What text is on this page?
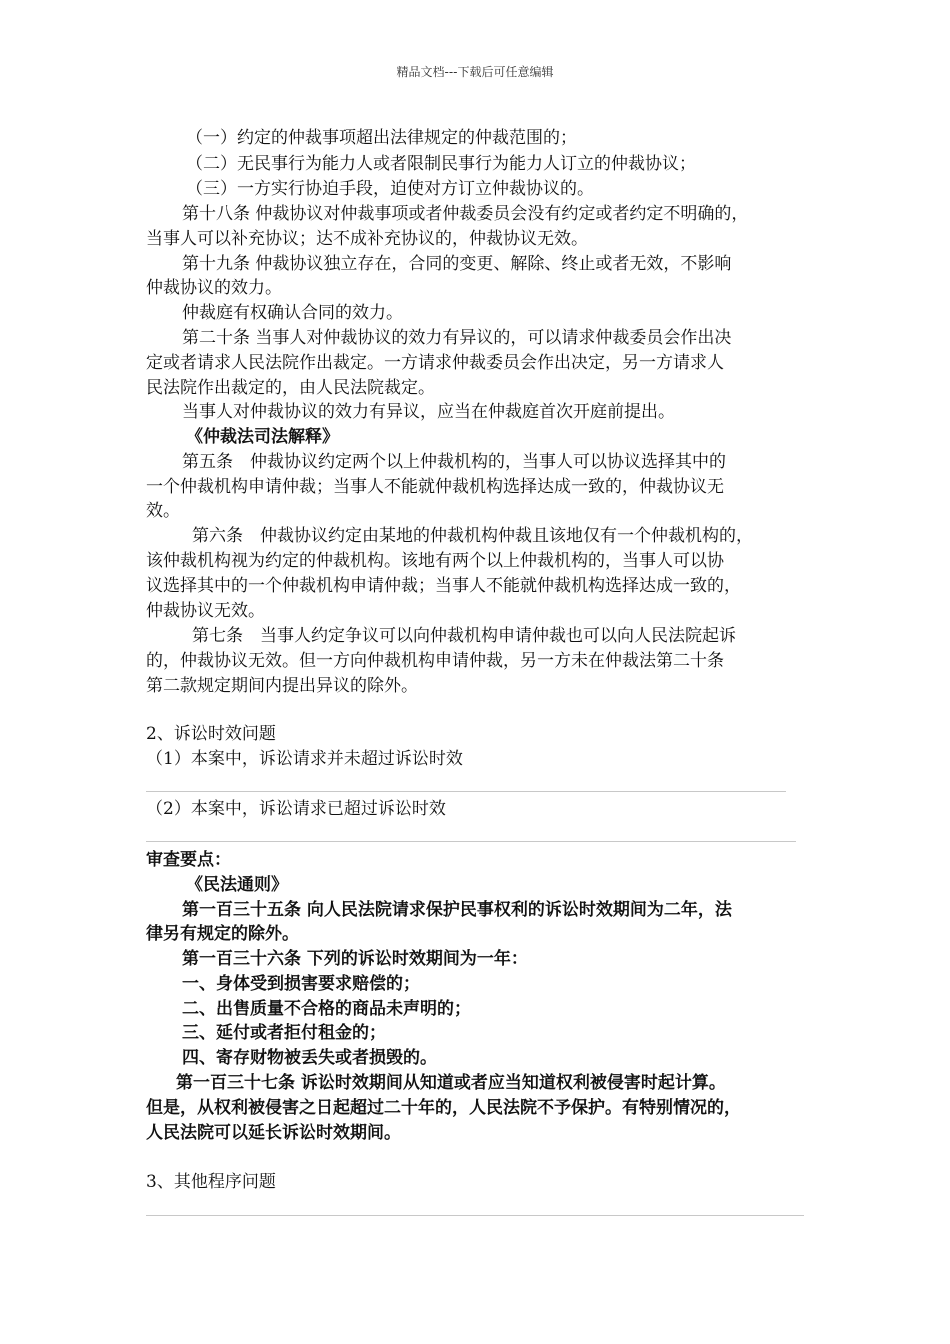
精品文档---下载后可任意编辑
（一）约定的仲裁事项超出法律规定的仲裁范围的；
（二）无民事行为能力人或者限制民事行为能力人订立的仲裁协议；
（三）一方实行协迫手段，迫使对方订立仲裁协议的。
第十八条 仲裁协议对仲裁事项或者仲裁委员会没有约定或者约定不明确的，
当事人可以补充协议；达不成补充协议的，仲裁协议无效。
第十九条 仲裁协议独立存在，合同的变更、解除、终止或者无效，不影响
仲裁协议的效力。
仲裁庭有权确认合同的效力。
第二十条 当事人对仲裁协议的效力有异议的，可以请求仲裁委员会作出决
定或者请求人民法院作出裁定。一方请求仲裁委员会作出决定，另一方请求人
民法院作出裁定的，由人民法院裁定。
当事人对仲裁协议的效力有异议，应当在仲裁庭首次开庭前提出。
《仲裁法司法解释》
第五条　仲裁协议约定两个以上仲裁机构的，当事人可以协议选择其中的
一个仲裁机构申请仲裁；当事人不能就仲裁机构选择达成一致的，仲裁协议无
效。
第六条　仲裁协议约定由某地的仲裁机构仲裁且该地仅有一个仲裁机构的，
该仲裁机构视为约定的仲裁机构。该地有两个以上仲裁机构的，当事人可以协
议选择其中的一个仲裁机构申请仲裁；当事人不能就仲裁机构选择达成一致的，
仲裁协议无效。
第七条　当事人约定争议可以向仲裁机构申请仲裁也可以向人民法院起诉
的，仲裁协议无效。但一方向仲裁机构申请仲裁，另一方未在仲裁法第二十条
第二款规定期间内提出异议的除外。
2、诉讼时效问题
（1）本案中，诉讼请求并未超过诉讼时效
（2）本案中，诉讼请求已超过诉讼时效
审查要点：
《民法通则》
第一百三十五条 向人民法院请求保护民事权利的诉讼时效期间为二年，法
律另有规定的除外。
第一百三十六条 下列的诉讼时效期间为一年：
一、身体受到损害要求赔偿的；
二、出售质量不合格的商品未声明的；
三、延付或者拒付租金的；
四、寄存财物被丢失或者损毁的。
第一百三十七条 诉讼时效期间从知道或者应当知道权利被侵害时起计算。
但是，从权利被侵害之日起超过二十年的，人民法院不予保护。有特别情况的，
人民法院可以延长诉讼时效期间。
3、其他程序问题
